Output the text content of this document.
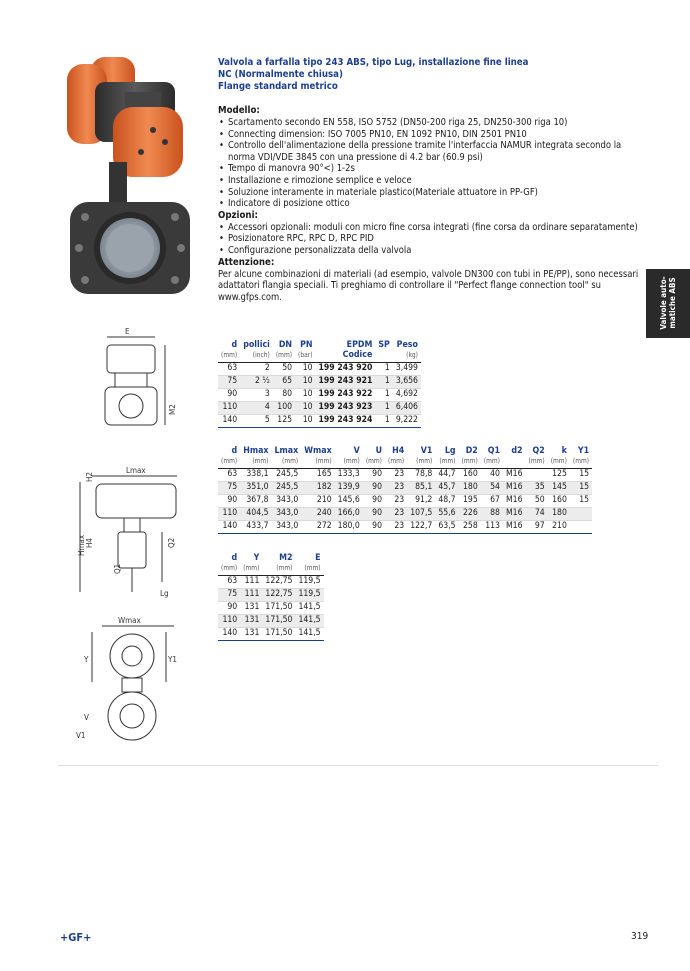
E
M2
H2
Lmax
Hmax H4
Q1
Q2
Lg
Wmax
Y	Y1
V
V1
Valvola a farfalla tipo 243 ABS, tipo Lug, installazione fine linea
NC (Normalmente chiusa)
Flange standard metrico
Modello:
• Scartamento secondo EN 558, ISO 5752 (DN50-200 riga 25, DN250-300 riga 10)
• Connecting dimension: ISO 7005 PN10, EN 1092 PN10, DIN 2501 PN10
• Controllo dell'alimentazione della pressione tramite l'interfaccia NAMUR integrata secondo la norma VDI/VDE 3845 con una pressione di 4.2 bar (60.9 psi)
• Tempo di manovra 90°<) 1-2s
• Installazione e rimozione semplice e veloce
• Soluzione interamente in materiale plastico(Materiale attuatore in PP-GF)
• Indicatore di posizione ottico
Opzioni:
• Accessori opzionali: moduli con micro fine corsa integrati (fine corsa da ordinare separatamente)
• Posizionatore RPC, RPC D, RPC PID
• Configurazione personalizzata della valvola
Attenzione:
Per alcune combinazioni di materiali (ad esempio, valvole DN300 con tubi in PE/PP), sono necessari adattatori flangia speciali. Ti preghiamo di controllare il "Perfect flange connection tool" su www.gfps.com.	Valvole auto- matiche ABS
d	pollici	DN	PN	EPDM	SP	Peso
(mm)	(inch)	(mm)	(bar)	Codice		(kg)
63	2	50	10	199 243 920	1	3,499
75	2 ½	65	10	199 243 921	1	3,656
90	3	80	10	199 243 922	1	4,692
110	4	100	10	199 243 923	1	6,406
140	5	125	10	199 243 924	1	9,222
d	Hmax	Lmax	Wmax	V	U	H4	V1	Lg	D2	Q1	d2	Q2	k	Y1
(mm)	(mm)	(mm)	(mm)	(mm)	(mm)	(mm)	(mm)	(mm)	(mm)	(mm)		(mm)	(mm)	(mm)
63	338,1	245,5	165	133,3	90	23	78,8	44,7	160	40	M16		125	15
75	351,0	245,5	182	139,9	90	23	85,1	45,7	180	54	M16	35	145	15
90	367,8	343,0	210	145,6	90	23	91,2	48,7	195	67	M16	50	160	15
110	404,5	343,0	240	166,0	90	23	107,5	55,6	226	88	M16	74	180	
140	433,7	343,0	272	180,0	90	23	122,7	63,5	258	113	M16	97	210	
d	Y	M2	E
(mm)	(mm)	(mm)	(mm)
63	111	122,75	119,5
75	111	122,75	119,5
90	131	171,50	141,5
110	131	171,50	141,5
140	131	171,50	141,5
+GF+	319
